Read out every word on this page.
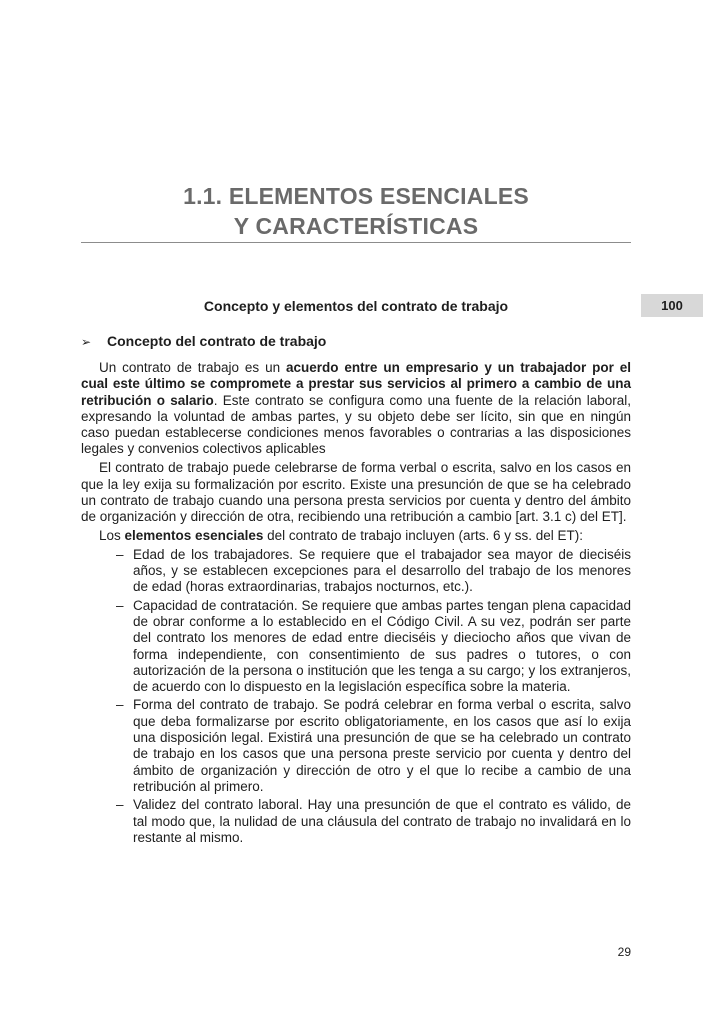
1.1. ELEMENTOS ESENCIALES
Y CARACTERÍSTICAS
Concepto y elementos del contrato de trabajo	100
➢ Concepto del contrato de trabajo

Un contrato de trabajo es un acuerdo entre un empresario y un trabajador por el cual este último se compromete a prestar sus servicios al primero a cambio de una retribución o salario. Este contrato se configura como una fuente de la relación laboral, expresando la voluntad de ambas partes, y su objeto debe ser lícito, sin que en ningún caso puedan establecerse condiciones menos favorables o contrarias a las disposiciones legales y convenios colectivos aplicables

El contrato de trabajo puede celebrarse de forma verbal o escrita, salvo en los casos en que la ley exija su formalización por escrito. Existe una presunción de que se ha celebrado un contrato de trabajo cuando una persona presta servicios por cuenta y dentro del ámbito de organización y dirección de otra, recibiendo una retribución a cambio [art. 3.1 c) del ET].

Los elementos esenciales del contrato de trabajo incluyen (arts. 6 y ss. del ET):

– Edad de los trabajadores. Se requiere que el trabajador sea mayor de dieciséis años, y se establecen excepciones para el desarrollo del trabajo de los menores de edad (horas extraordinarias, trabajos nocturnos, etc.).
– Capacidad de contratación. Se requiere que ambas partes tengan plena capacidad de obrar conforme a lo establecido en el Código Civil. A su vez, podrán ser parte del contrato los menores de edad entre dieciséis y dieciocho años que vivan de forma independiente, con consentimiento de sus padres o tutores, o con autorización de la persona o institución que les tenga a su cargo; y los extranjeros, de acuerdo con lo dispuesto en la legislación específica sobre la materia.
– Forma del contrato de trabajo. Se podrá celebrar en forma verbal o escrita, salvo que deba formalizarse por escrito obligatoriamente, en los casos que así lo exija una disposición legal. Existirá una presunción de que se ha celebrado un contrato de trabajo en los casos que una persona preste servicio por cuenta y dentro del ámbito de organización y dirección de otro y el que lo recibe a cambio de una retribución al primero.
– Validez del contrato laboral. Hay una presunción de que el contrato es válido, de tal modo que, la nulidad de una cláusula del contrato de trabajo no invalidará en lo restante al mismo.
29
